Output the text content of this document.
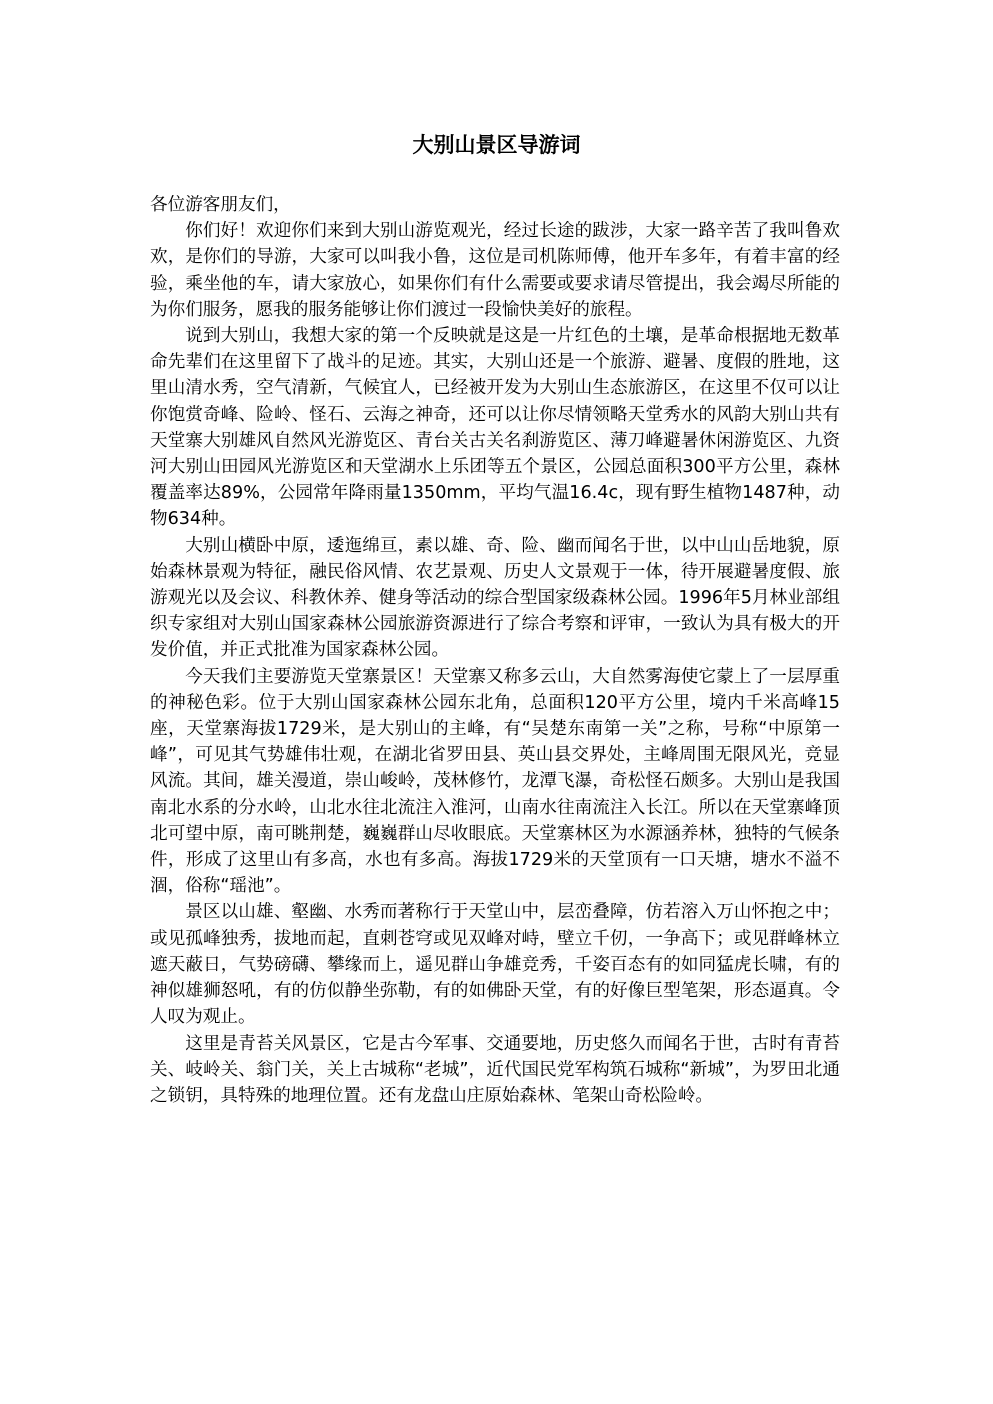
大别山景区导游词

各位游客朋友们，

你们好！欢迎你们来到大别山游览观光，经过长途的跋涉，大家一路辛苦了我叫鲁欢欢，是你们的导游，大家可以叫我小鲁，这位是司机陈师傅，他开车多年，有着丰富的经验，乘坐他的车，请大家放心，如果你们有什么需要或要求请尽管提出，我会竭尽所能的为你们服务，愿我的服务能够让你们渡过一段愉快美好的旅程。

说到大别山，我想大家的第一个反映就是这是一片红色的土壤，是革命根据地无数革命先辈们在这里留下了战斗的足迹。其实，大别山还是一个旅游、避暑、度假的胜地，这里山清水秀，空气清新，气候宜人，已经被开发为大别山生态旅游区，在这里不仅可以让你饱赏奇峰、险岭、怪石、云海之神奇，还可以让你尽情领略天堂秀水的风韵大别山共有天堂寨大别雄风自然风光游览区、青台关古关名刹游览区、薄刀峰避暑休闲游览区、九资河大别山田园风光游览区和天堂湖水上乐团等五个景区，公园总面积300平方公里，森林覆盖率达89%，公园常年降雨量1350mm，平均气温16.4c，现有野生植物1487种，动物634种。

大别山横卧中原，逶迤绵亘，素以雄、奇、险、幽而闻名于世，以中山山岳地貌，原始森林景观为特征，融民俗风情、农艺景观、历史人文景观于一体，待开展避暑度假、旅游观光以及会议、科教休养、健身等活动的综合型国家级森林公园。1996年5月林业部组织专家组对大别山国家森林公园旅游资源进行了综合考察和评审，一致认为具有极大的开发价值，并正式批准为国家森林公园。

今天我们主要游览天堂寨景区！天堂寨又称多云山，大自然雾海使它蒙上了一层厚重的神秘色彩。位于大别山国家森林公园东北角，总面积120平方公里，境内千米高峰15座，天堂寨海拔1729米，是大别山的主峰，有“吴楚东南第一关”之称，号称“中原第一峰”，可见其气势雄伟壮观，在湖北省罗田县、英山县交界处，主峰周围无限风光，竞显风流。其间，雄关漫道，崇山峻岭，茂林修竹，龙潭飞瀑，奇松怪石颇多。大别山是我国南北水系的分水岭，山北水往北流注入淮河，山南水往南流注入长江。所以在天堂寨峰顶北可望中原，南可眺荆楚，巍巍群山尽收眼底。天堂寨林区为水源涵养林，独特的气候条件，形成了这里山有多高，水也有多高。海拔1729米的天堂顶有一口天塘，塘水不溢不涸，俗称“瑶池”。

景区以山雄、壑幽、水秀而著称行于天堂山中，层峦叠障，仿若溶入万山怀抱之中；或见孤峰独秀，拔地而起，直刺苍穹或见双峰对峙，壁立千仞，一争高下；或见群峰林立遮天蔽日，气势磅礴、攀缘而上，遥见群山争雄竞秀，千姿百态有的如同猛虎长啸，有的神似雄狮怒吼，有的仿似静坐弥勒，有的如佛卧天堂，有的好像巨型笔架，形态逼真。令人叹为观止。

这里是青苔关风景区，它是古今军事、交通要地，历史悠久而闻名于世，古时有青苔关、岐岭关、翁门关，关上古城称“老城”，近代国民党军构筑石城称“新城”，为罗田北通之锁钥，具特殊的地理位置。还有龙盘山庄原始森林、笔架山奇松险岭。
